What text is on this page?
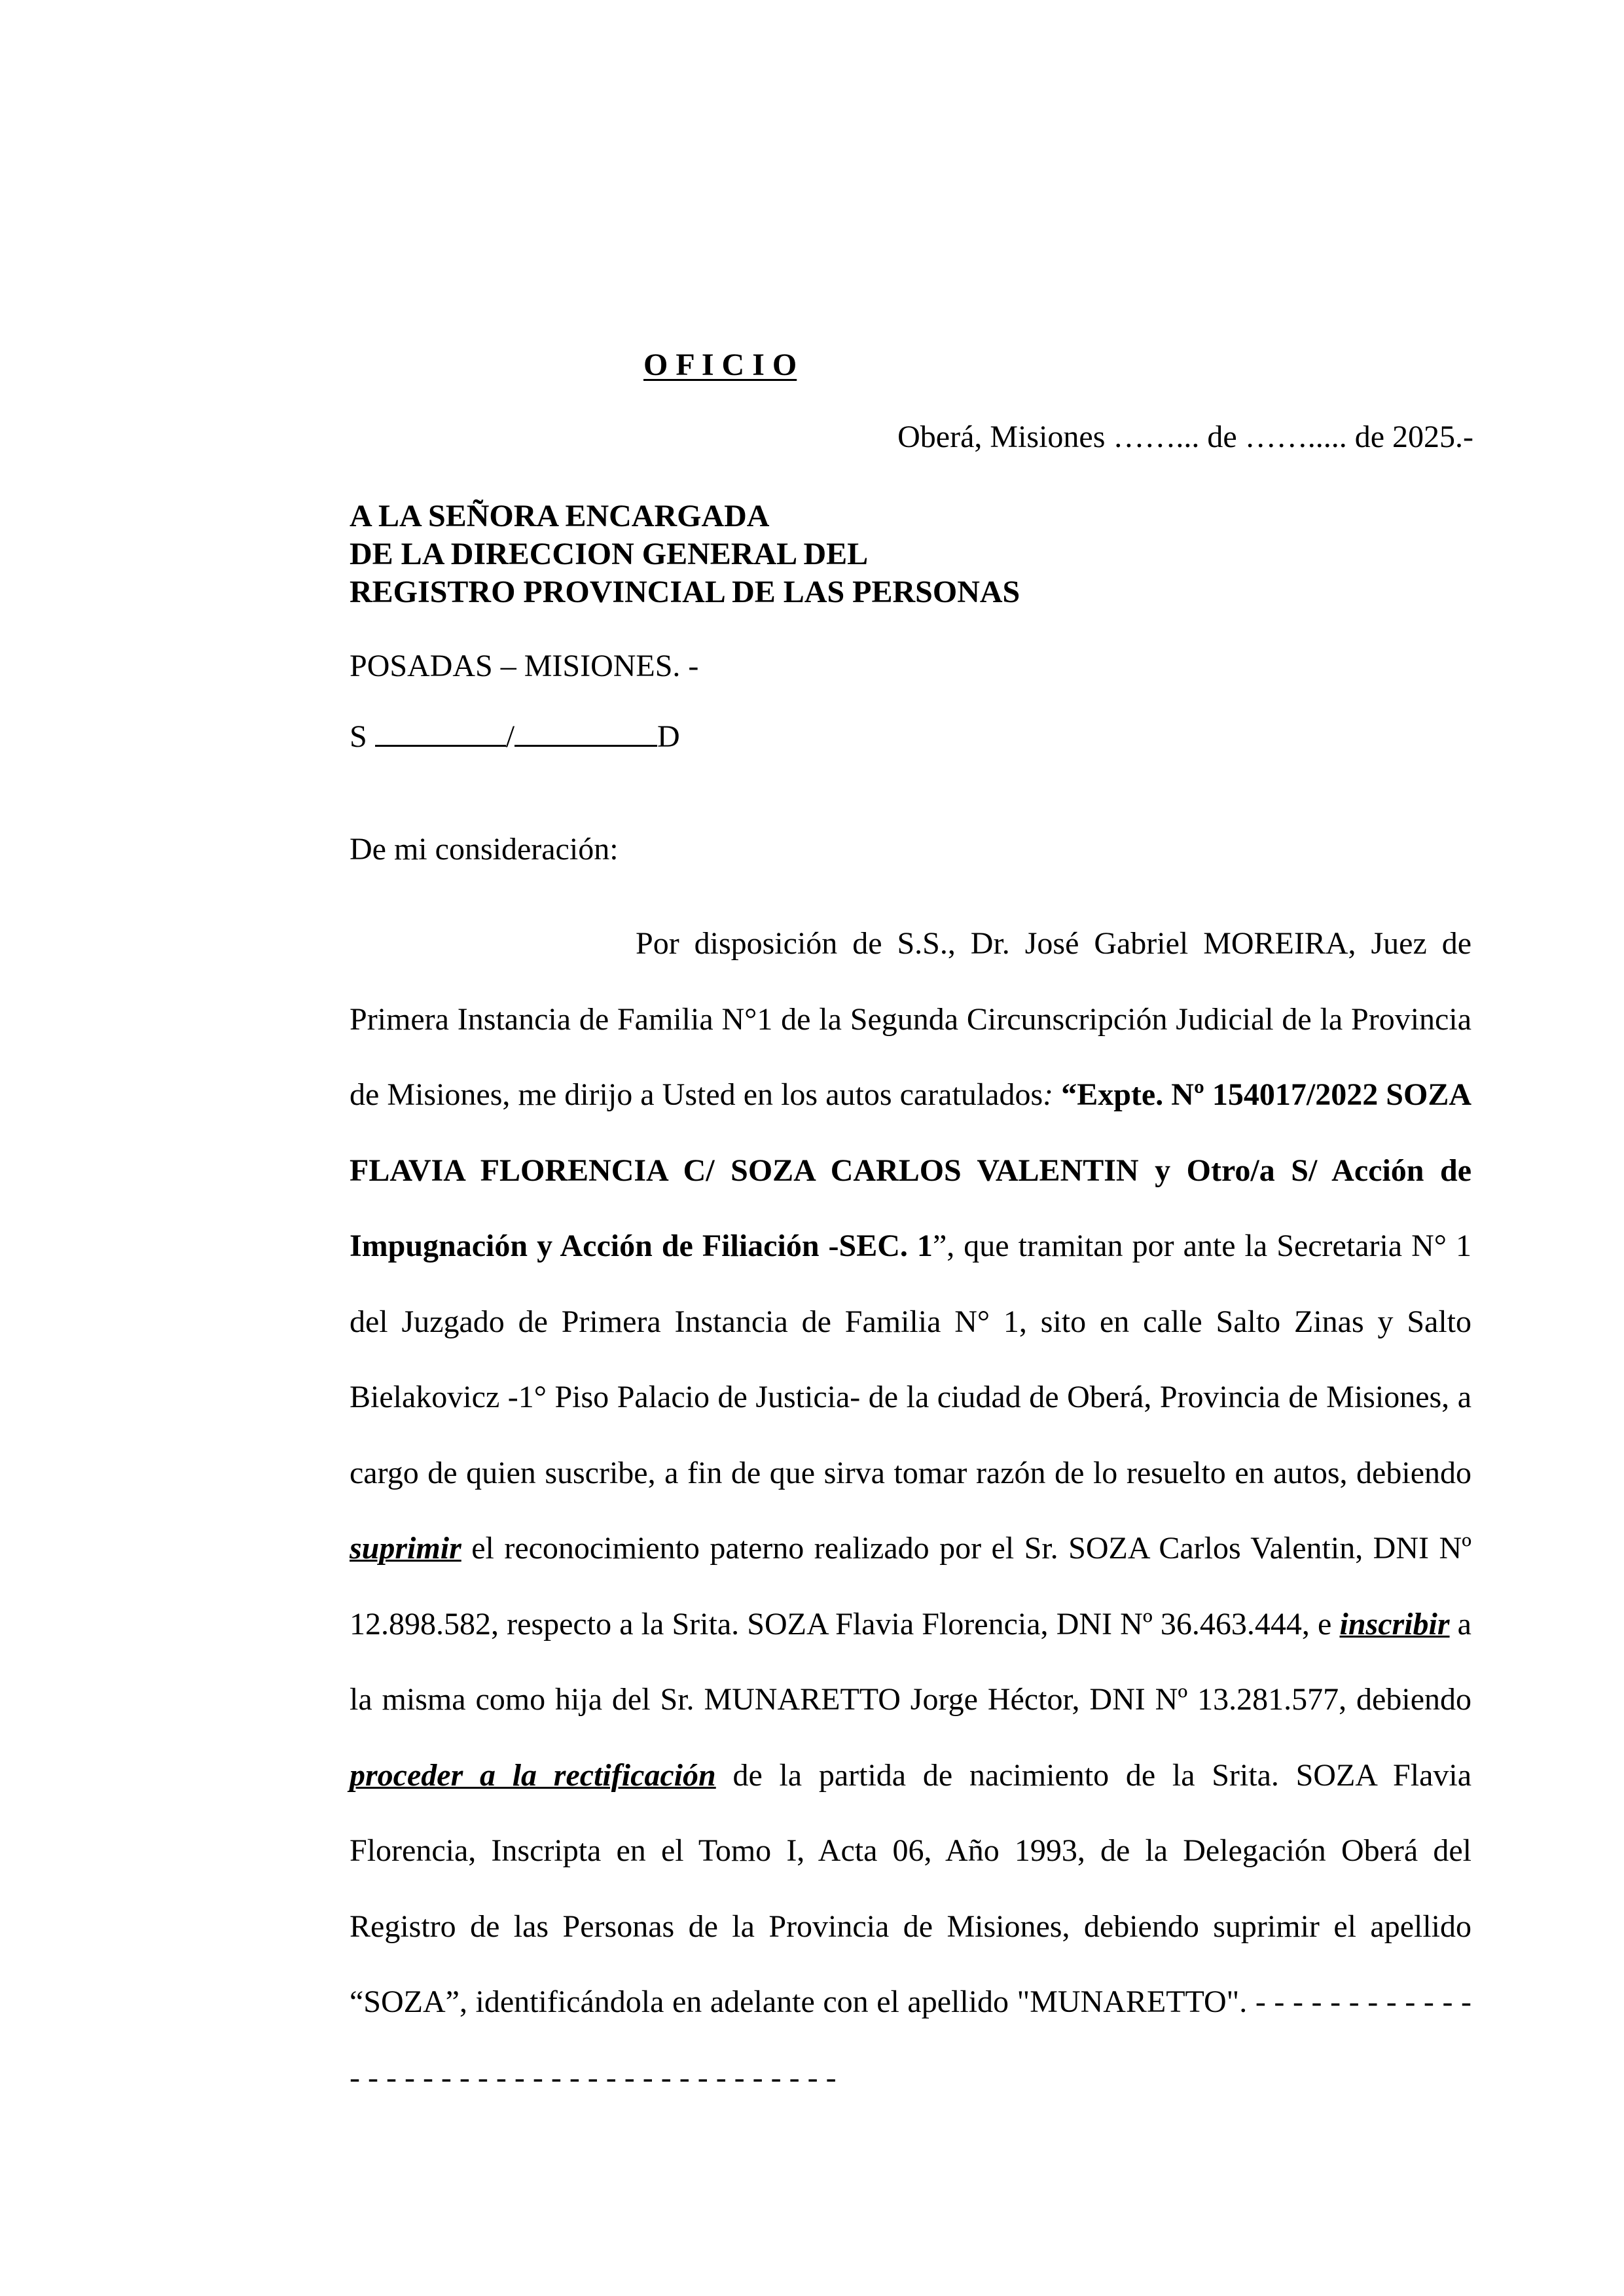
O F I C I O
Oberá, Misiones ……... de ……..... de 2025.-
A LA SEÑORA ENCARGADA
DE LA DIRECCION GENERAL DEL
REGISTRO PROVINCIAL DE LAS PERSONAS
POSADAS – MISIONES. -
S	/	D
De mi consideración:

Por disposición de S.S., Dr. José Gabriel MOREIRA, Juez de Primera Instancia de Familia N°1 de la Segunda Circunscripción Judicial de la Provincia de Misiones, me dirijo a Usted en los autos caratulados: “Expte. Nº 154017/2022 SOZA FLAVIA FLORENCIA C/ SOZA CARLOS VALENTIN y Otro/a S/ Acción de Impugnación y Acción de Filiación -SEC. 1”, que tramitan por ante la Secretaria N° 1 del Juzgado de Primera Instancia de Familia N° 1, sito en calle Salto Zinas y Salto Bielakovicz -1° Piso Palacio de Justicia- de la ciudad de Oberá, Provincia de Misiones, a cargo de quien suscribe, a fin de que sirva tomar razón de lo resuelto en autos, debiendo suprimir el reconocimiento paterno realizado por el Sr. SOZA Carlos Valentin, DNI Nº 12.898.582, respecto a la Srita. SOZA Flavia Florencia, DNI Nº 36.463.444, e inscribir a la misma como hija del Sr. MUNARETTO Jorge Héctor, DNI Nº 13.281.577, debiendo proceder a la rectificación de la partida de nacimiento de la Srita. SOZA Flavia Florencia, Inscripta en el Tomo I, Acta 06, Año 1993, de la Delegación Oberá del Registro de las Personas de la Provincia de Misiones, debiendo suprimir el apellido “SOZA”, identificándola en adelante con el apellido "MUNARETTO". - - - - - - - - - - - - - - - - - - - - - - - - - - - - - - - - - - - - - - -
